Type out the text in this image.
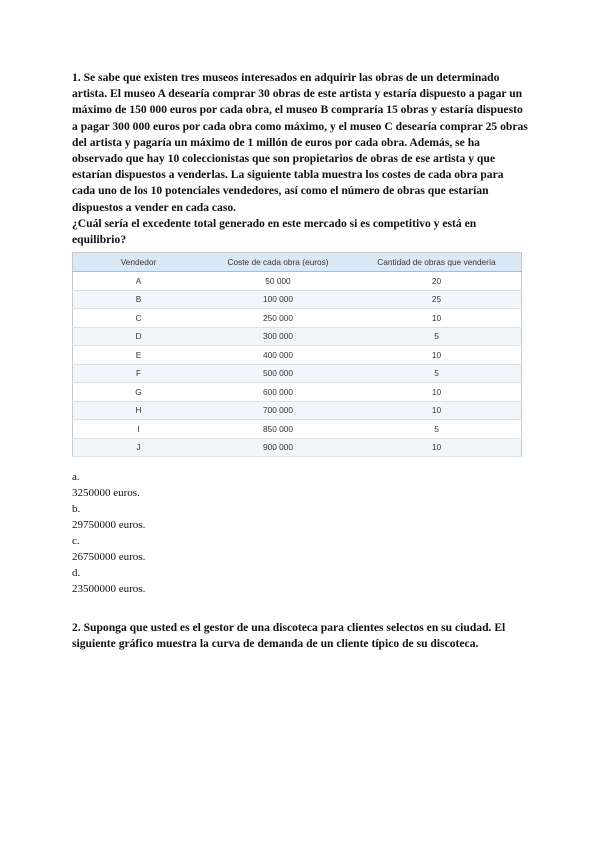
1. Se sabe que existen tres museos interesados en adquirir las obras de un determinado artista. El museo A desearía comprar 30 obras de este artista y estaría dispuesto a pagar un máximo de 150 000 euros por cada obra, el museo B compraría 15 obras y estaría dispuesto a pagar 300 000 euros por cada obra como máximo, y el museo C desearía comprar 25 obras del artista y pagaría un máximo de 1 millón de euros por cada obra. Además, se ha observado que hay 10 coleccionistas que son propietarios de obras de ese artista y que estarían dispuestos a venderlas. La siguiente tabla muestra los costes de cada obra para cada uno de los 10 potenciales vendedores, así como el número de obras que estarían dispuestos a vender en cada caso.

¿Cuál sería el excedente total generado en este mercado si es competitivo y está en equilibrio?

Vendedor	Coste de cada obra (euros)	Cantidad de obras que vendería
A	50 000	20
B	100 000	25
C	250 000	10
D	300 000	5
E	400 000	10
F	500 000	5
G	600 000	10
H	700 000	10
I	850 000	5
J	900 000	10
a.
3250000 euros.
b.
29750000 euros.
c.
26750000 euros.
d.
23500000 euros.

2. Suponga que usted es el gestor de una discoteca para clientes selectos en su ciudad. El siguiente gráfico muestra la curva de demanda de un cliente típico de su discoteca.
